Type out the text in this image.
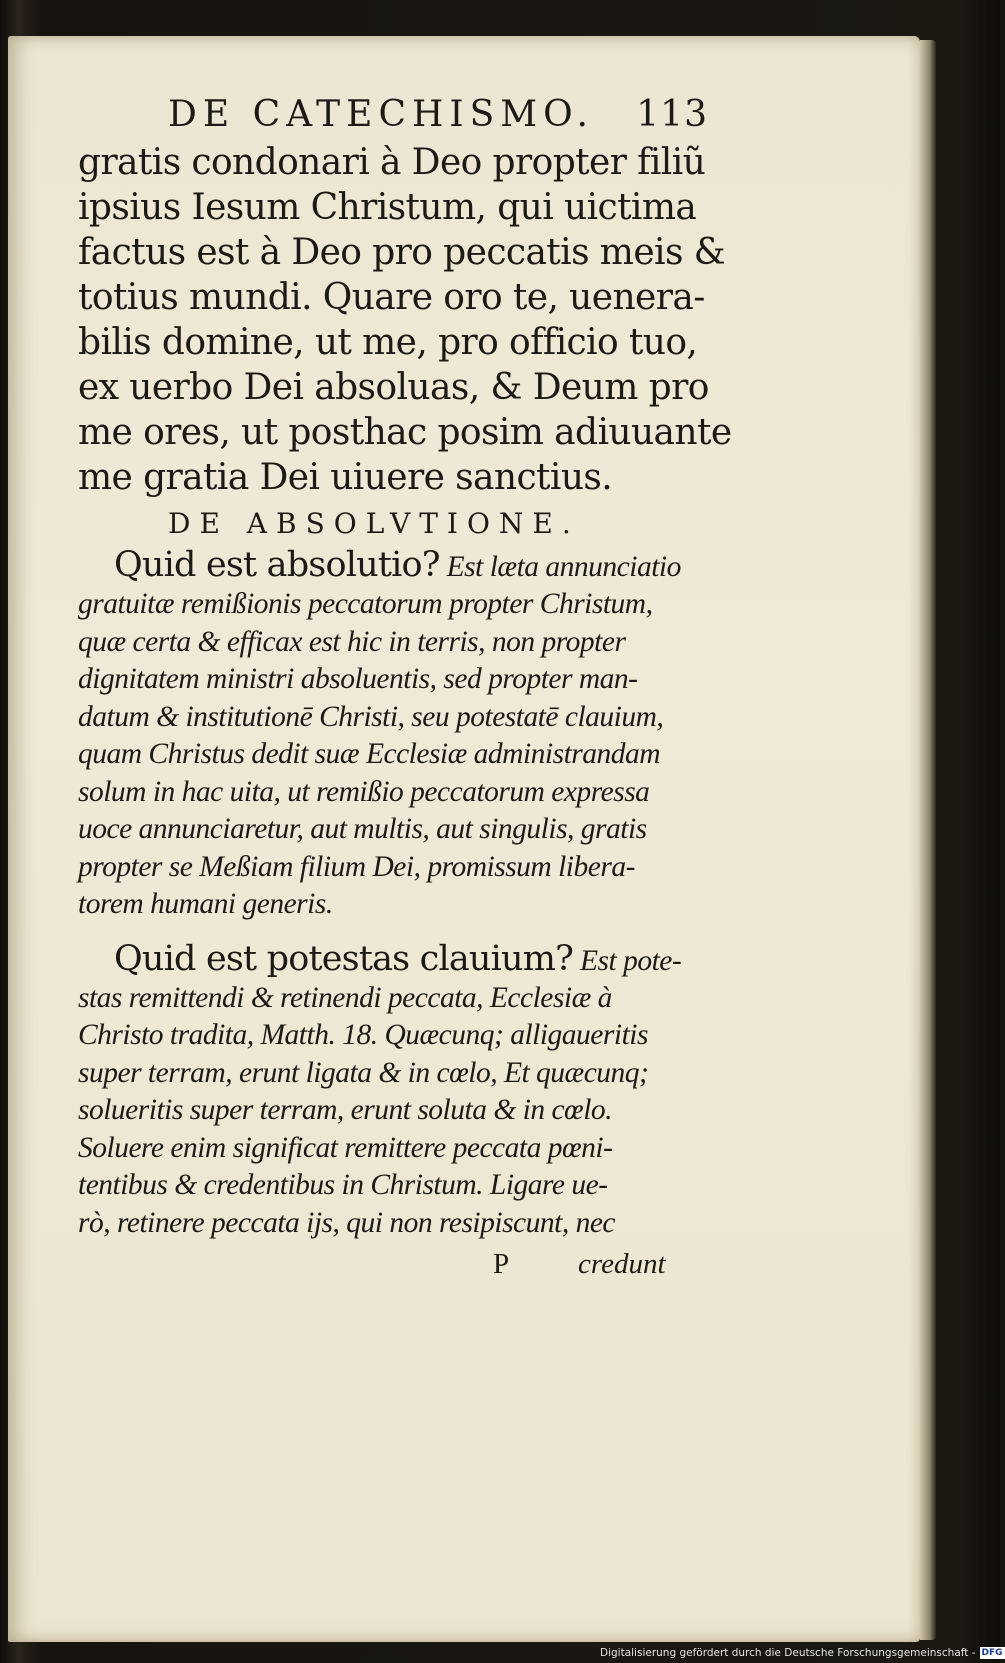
DE CATECHISMO. 113
gratis condonari à Deo propter filiũ
ipsius Iesum Christum, qui uictima
factus est à Deo pro peccatis meis &
totius mundi. Quare oro te, uenera-
bilis domine, ut me, pro officio tuo,
ex uerbo Dei absoluas, & Deum pro
me ores, ut posthac posim adiuuante
me gratia Dei uiuere sanctius.
DE ABSOLVTIONE.
Quid est absolutio? Est læta annunciatio
gratuitæ remißionis peccatorum propter Christum,
quæ certa & efficax est hic in terris, non propter
dignitatem ministri absoluentis, sed propter man-
datum & institutionē Christi, seu potestatē clauium,
quam Christus dedit suæ Ecclesiæ administrandam
solum in hac uita, ut remißio peccatorum expressa
uoce annunciaretur, aut multis, aut singulis, gratis
propter se Meßiam filium Dei, promissum libera-
torem humani generis.
Quid est potestas clauium? Est pote-
stas remittendi & retinendi peccata, Ecclesiæ à
Christo tradita, Matth. 18. Quæcunq; alligaueritis
super terram, erunt ligata & in cœlo, Et quæcunq;
solueritis super terram, erunt soluta & in cœlo.
Soluere enim significat remittere peccata pœni-
tentibus & credentibus in Christum. Ligare ue-
rò, retinere peccata ijs, qui non resipiscunt, nec
P credunt
Digitalisierung gefördert durch die Deutsche Forschungsgemeinschaft - DFG
